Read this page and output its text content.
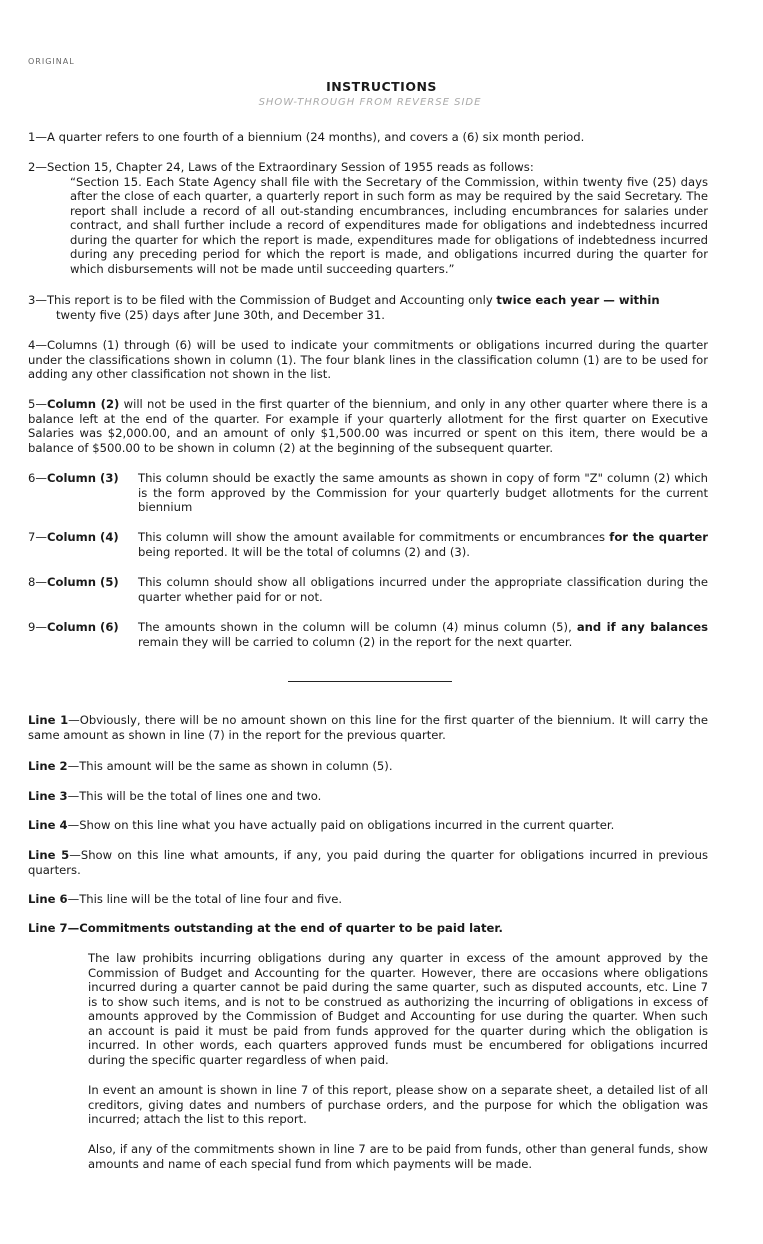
ORIGINAL
INSTRUCTIONS
SHOW-THROUGH FROM REVERSE SIDE
1—A quarter refers to one fourth of a biennium (24 months), and covers a (6) six month period.
2—Section 15, Chapter 24, Laws of the Extraordinary Session of 1955 reads as follows:
“Section 15. Each State Agency shall file with the Secretary of the Commission, within twenty five (25) days after the close of each quarter, a quarterly report in such form as may be required by the said Secretary. The report shall include a record of all out-standing encumbrances, including encumbrances for salaries under contract, and shall further include a record of expenditures made for obligations and indebtedness incurred during the quarter for which the report is made, expenditures made for obligations of indebtedness incurred during any preceding period for which the report is made, and obligations incurred during the quarter for which disbursements will not be made until succeeding quarters.”
3—This report is to be filed with the Commission of Budget and Accounting only twice each year — within
twenty five (25) days after June 30th, and December 31.
4—Columns (1) through (6) will be used to indicate your commitments or obligations incurred during the quarter under the classifications shown in column (1). The four blank lines in the classification column (1) are to be used for adding any other classification not shown in the list.
5—Column (2) will not be used in the first quarter of the biennium, and only in any other quarter where there is a balance left at the end of the quarter. For example if your quarterly allotment for the first quarter on Executive Salaries was $2,000.00, and an amount of only $1,500.00 was incurred or spent on this item, there would be a balance of $500.00 to be shown in column (2) at the beginning of the subsequent quarter.
6—Column (3)	This column should be exactly the same amounts as shown in copy of form "Z" column (2) which is the form approved by the Commission for your quarterly budget allotments for the current biennium
7—Column (4)	This column will show the amount available for commitments or encumbrances for the quarter being reported. It will be the total of columns (2) and (3).
8—Column (5)	This column should show all obligations incurred under the appropriate classification during the quarter whether paid for or not.
9—Column (6)	The amounts shown in the column will be column (4) minus column (5), and if any balances remain they will be carried to column (2) in the report for the next quarter.
Line 1—Obviously, there will be no amount shown on this line for the first quarter of the biennium. It will carry the same amount as shown in line (7) in the report for the previous quarter.
Line 2—This amount will be the same as shown in column (5).
Line 3—This will be the total of lines one and two.
Line 4—Show on this line what you have actually paid on obligations incurred in the current quarter.
Line 5—Show on this line what amounts, if any, you paid during the quarter for obligations incurred in previous quarters.
Line 6—This line will be the total of line four and five.
Line 7—Commitments outstanding at the end of quarter to be paid later.
The law prohibits incurring obligations during any quarter in excess of the amount approved by the Commission of Budget and Accounting for the quarter. However, there are occasions where obligations incurred during a quarter cannot be paid during the same quarter, such as disputed accounts, etc. Line 7 is to show such items, and is not to be construed as authorizing the incurring of obligations in excess of amounts approved by the Commission of Budget and Accounting for use during the quarter. When such an account is paid it must be paid from funds approved for the quarter during which the obligation is incurred. In other words, each quarters approved funds must be encumbered for obligations incurred during the specific quarter regardless of when paid.
In event an amount is shown in line 7 of this report, please show on a separate sheet, a detailed list of all creditors, giving dates and numbers of purchase orders, and the purpose for which the obligation was incurred; attach the list to this report.
Also, if any of the commitments shown in line 7 are to be paid from funds, other than general funds, show amounts and name of each special fund from which payments will be made.
